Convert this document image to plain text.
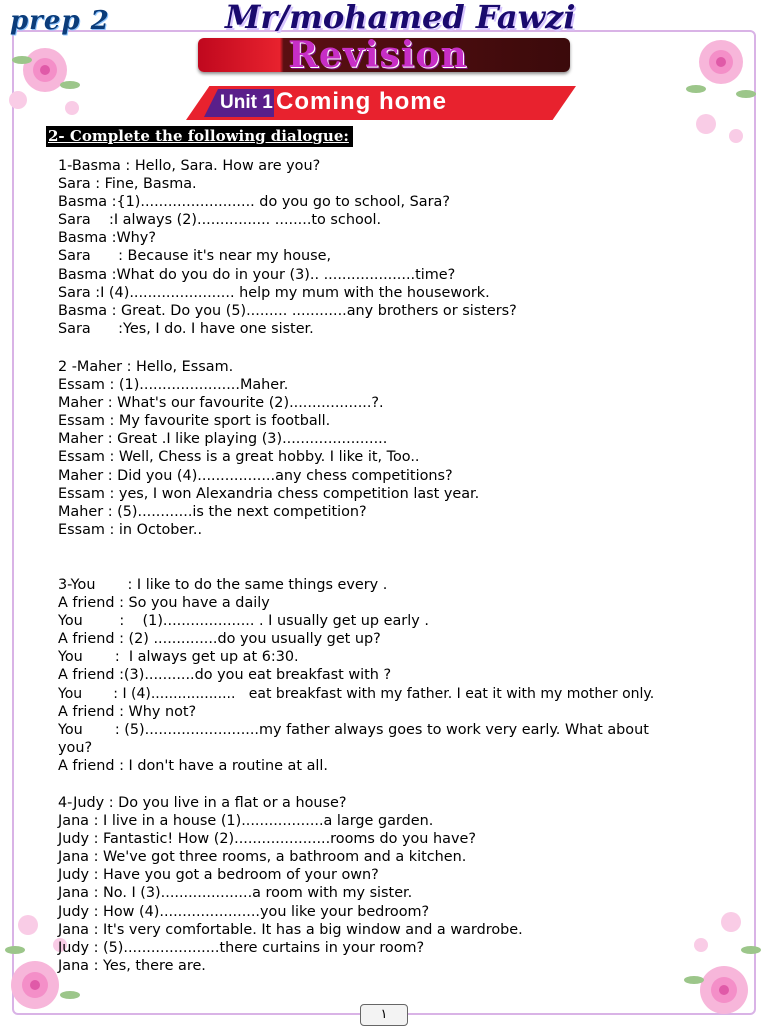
prep 2	Mr/mohamed Fawzi
Revision
Unit 1 Coming home
2- Complete the following dialogue:
1-Basma : Hello, Sara. How are you?
Sara : Fine, Basma.
Basma :{1)......................... do you go to school, Sara?
Sara    :I always (2)................ ........to school.
Basma :Why?
Sara      : Because it's near my house,
Basma :What do you do in your (3).. ....................time?
Sara :I (4)....................... help my mum with the housework.
Basma : Great. Do you (5)......... ............any brothers or sisters?
Sara      :Yes, I do. I have one sister.
2 -Maher : Hello, Essam.
Essam : (1)......................Maher.
Maher : What's our favourite (2)..................?.
Essam : My favourite sport is football.
Maher : Great .I like playing (3).......................
Essam : Well, Chess is a great hobby. I like it, Too..
Maher : Did you (4).................any chess competitions?
Essam : yes, I won Alexandria chess competition last year.
Maher : (5)............is the next competition?
Essam : in October..
3-You       : I like to do the same things every .
A friend : So you have a daily
You        :    (1).................... . I usually get up early .
A friend : (2) ..............do you usually get up?
You       :  I always get up at 6:30.
A friend :(3)...........do you eat breakfast with ?
You       : I (4)...................   eat breakfast with my father. I eat it with my mother only.
A friend : Why not?
You       : (5).........................my father always goes to work very early. What about
you?
A friend : I don't have a routine at all.
4-Judy : Do you live in a flat or a house?
Jana : I live in a house (1)..................a large garden.
Judy : Fantastic! How (2).....................rooms do you have?
Jana : We've got three rooms, a bathroom and a kitchen.
Judy : Have you got a bedroom of your own?
Jana : No. I (3)....................a room with my sister.
Judy : How (4)......................you like your bedroom?
Jana : It's very comfortable. It has a big window and a wardrobe.
Judy : (5).....................there curtains in your room?
Jana : Yes, there are.
١
